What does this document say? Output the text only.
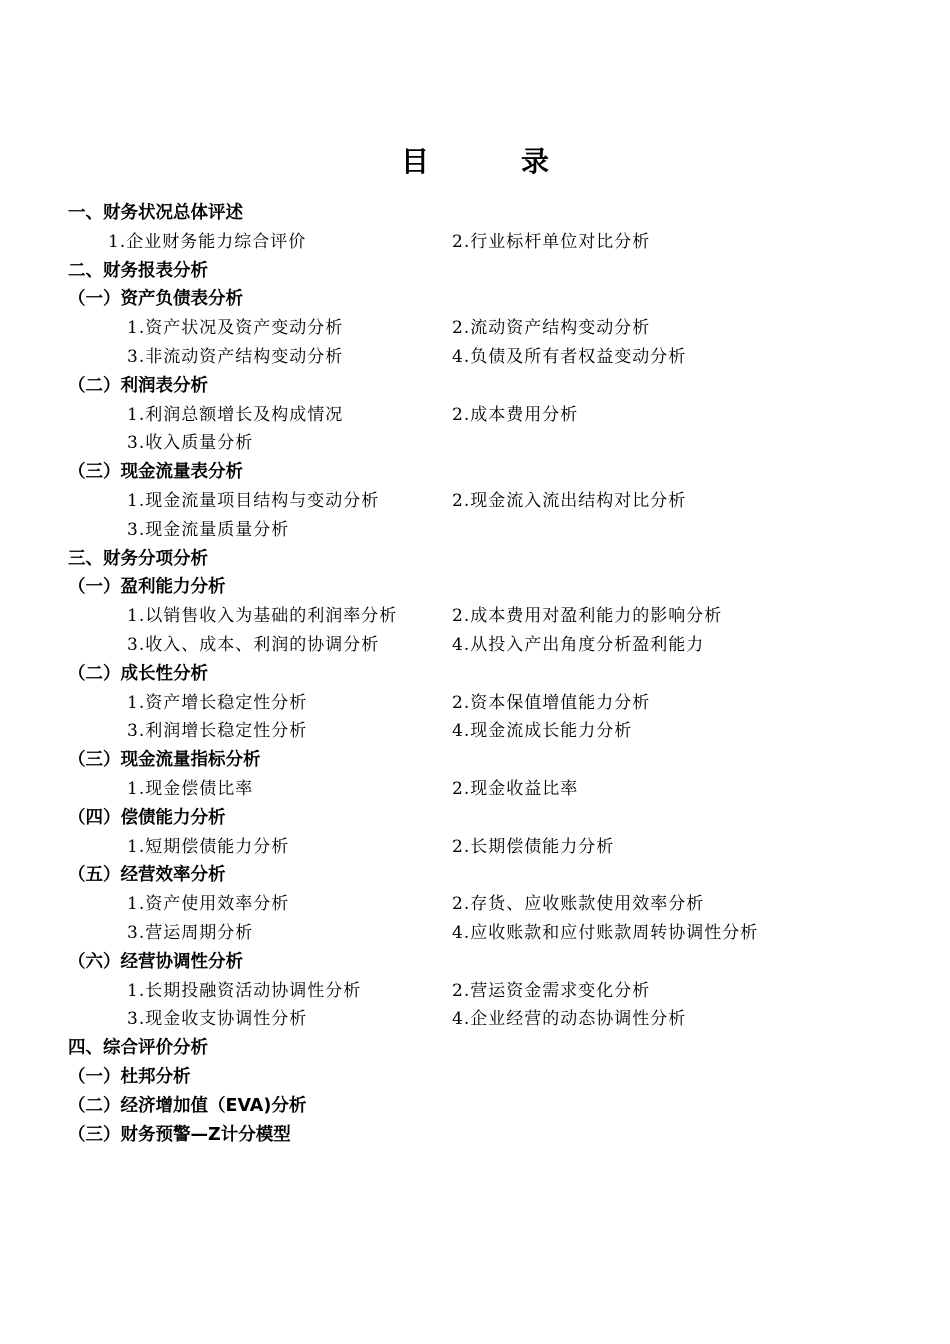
目	录
一、财务状况总体评述
1.企业财务能力综合评价	2.行业标杆单位对比分析
二、财务报表分析
（一）资产负债表分析
1.资产状况及资产变动分析	2.流动资产结构变动分析
3.非流动资产结构变动分析	4.负债及所有者权益变动分析
（二）利润表分析
1.利润总额增长及构成情况	2.成本费用分析
3.收入质量分析
（三）现金流量表分析
1.现金流量项目结构与变动分析	2.现金流入流出结构对比分析
3.现金流量质量分析
三、财务分项分析
（一）盈利能力分析
1.以销售收入为基础的利润率分析	2.成本费用对盈利能力的影响分析
3.收入、成本、利润的协调分析	4.从投入产出角度分析盈利能力
（二）成长性分析
1.资产增长稳定性分析	2.资本保值增值能力分析
3.利润增长稳定性分析	4.现金流成长能力分析
（三）现金流量指标分析
1.现金偿债比率	2.现金收益比率
（四）偿债能力分析
1.短期偿债能力分析	2.长期偿债能力分析
（五）经营效率分析
1.资产使用效率分析	2.存货、应收账款使用效率分析
3.营运周期分析	4.应收账款和应付账款周转协调性分析
（六）经营协调性分析
1.长期投融资活动协调性分析	2.营运资金需求变化分析
3.现金收支协调性分析	4.企业经营的动态协调性分析
四、综合评价分析
（一）杜邦分析
（二）经济增加值（EVA)分析
（三）财务预警—Z计分模型
